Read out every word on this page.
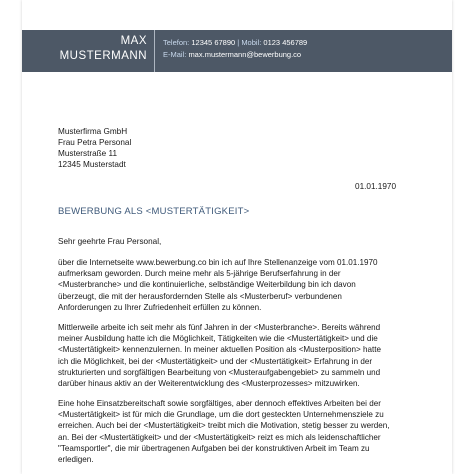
MAX
MUSTERMANN
Telefon: 12345 67890 | Mobil: 0123 456789
E-Mail: max.mustermann@bewerbung.co
Musterfirma GmbH
Frau Petra Personal
Musterstraße 11
12345 Musterstadt
01.01.1970
BEWERBUNG ALS <MUSTERTÄTIGKEIT>
Sehr geehrte Frau Personal,
über die Internetseite www.bewerbung.co bin ich auf Ihre Stellenanzeige vom 01.01.1970
aufmerksam geworden. Durch meine mehr als 5-jährige Berufserfahrung in der
<Musterbranche> und die kontinuierliche, selbständige Weiterbildung bin ich davon
überzeugt, die mit der herausfordernden Stelle als <Musterberuf> verbundenen
Anforderungen zu Ihrer Zufriedenheit erfüllen zu können.
Mittlerweile arbeite ich seit mehr als fünf Jahren in der <Musterbranche>. Bereits während
meiner Ausbildung hatte ich die Möglichkeit, Tätigkeiten wie die <Mustertätigkeit> und die
<Mustertätigkeit> kennenzulernen. In meiner aktuellen Position als <Musterposition> hatte
ich die Möglichkeit, bei der <Mustertätigkeit> und der <Mustertätigkeit> Erfahrung in der
strukturierten und sorgfältigen Bearbeitung von <Musteraufgabengebiet> zu sammeln und
darüber hinaus aktiv an der Weiterentwicklung des <Musterprozesses> mitzuwirken.
Eine hohe Einsatzbereitschaft sowie sorgfältiges, aber dennoch effektives Arbeiten bei der
<Mustertätigkeit> ist für mich die Grundlage, um die dort gesteckten Unternehmensziele zu
erreichen. Auch bei der <Mustertätigkeit> treibt mich die Motivation, stetig besser zu werden,
an. Bei der <Mustertätigkeit> und der <Mustertätigkeit> reizt es mich als leidenschaftlicher
"Teamsportler", die mir übertragenen Aufgaben bei der konstruktiven Arbeit im Team zu
erledigen.
